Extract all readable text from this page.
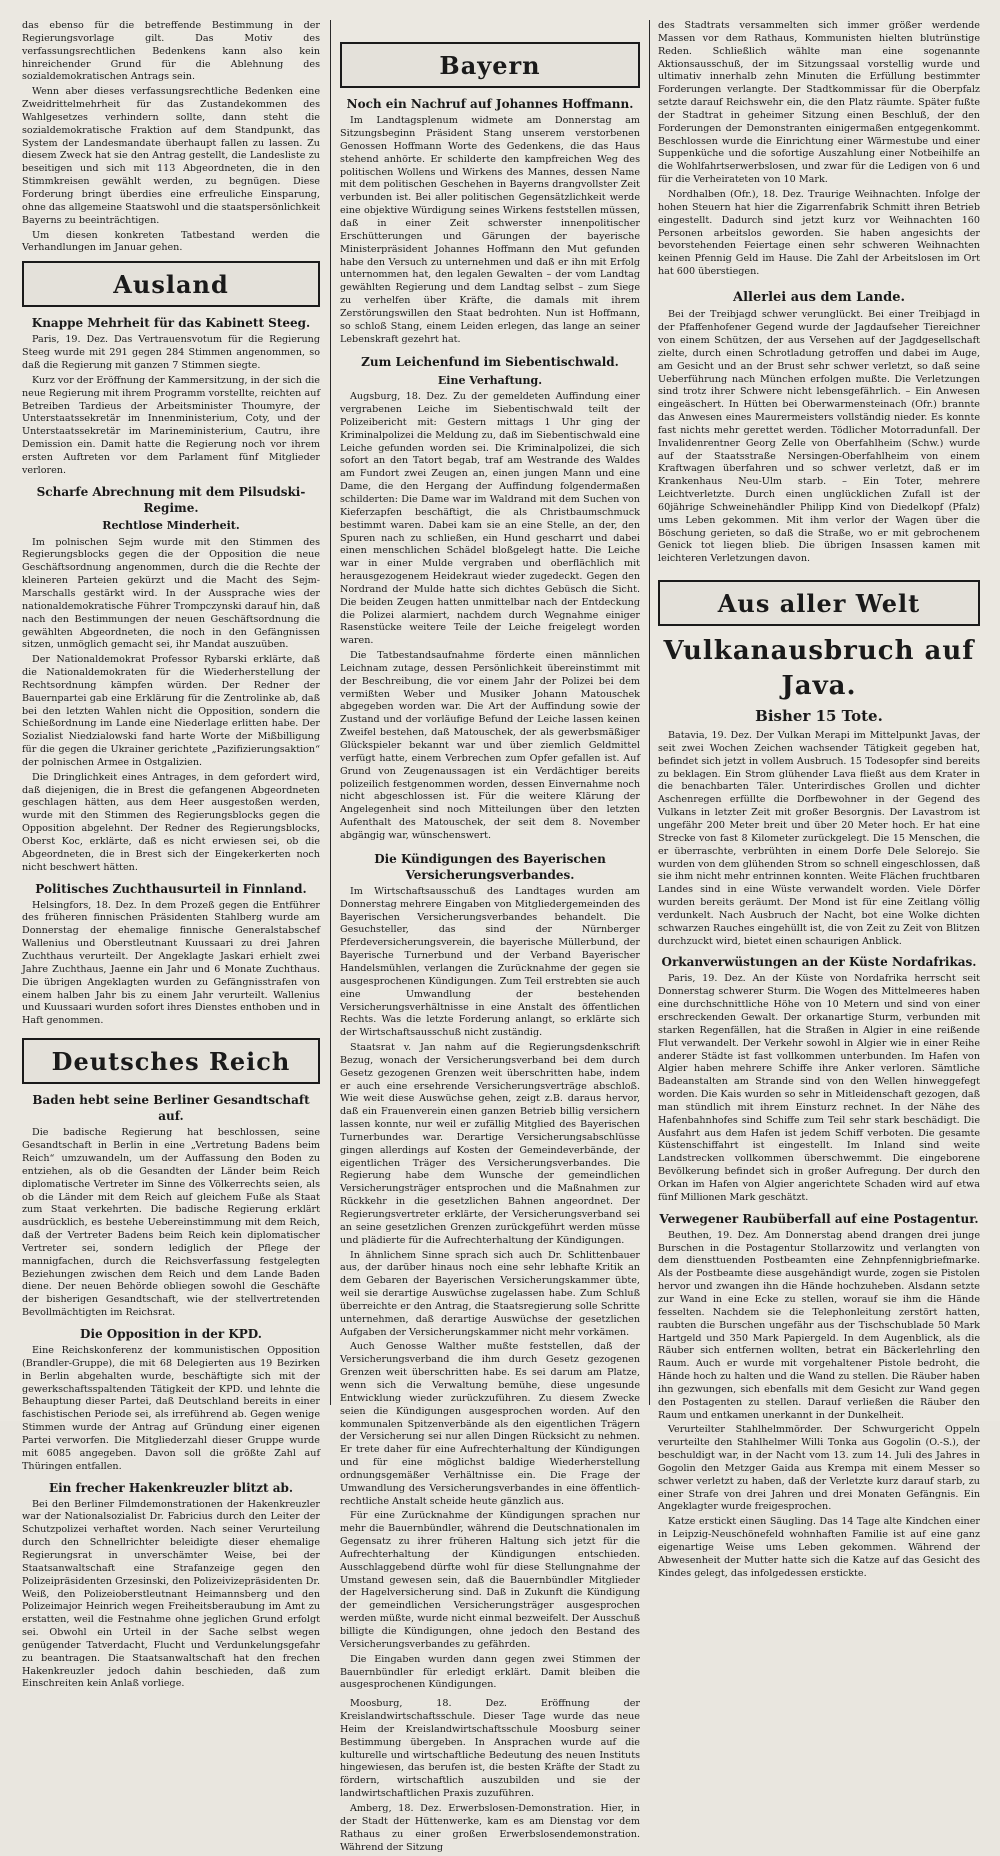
das ebenso für die betreffende Bestimmung in der Regierungsvorlage gilt. Das Motiv des verfassungsrechtlichen Bedenkens kann also kein hinreichender Grund für die Ablehnung des sozialdemokratischen Antrags sein.

Wenn aber dieses verfassungsrechtliche Bedenken eine Zweidrittelmehrheit für das Zustandekommen des Wahlgesetzes verhindern sollte, dann steht die sozialdemokratische Fraktion auf dem Standpunkt, das System der Landesmandate überhaupt fallen zu lassen. Zu diesem Zweck hat sie den Antrag gestellt, die Landesliste zu beseitigen und sich mit 113 Abgeordneten, die in den Stimmkreisen gewählt werden, zu begnügen. Diese Forderung bringt überdies eine erfreuliche Einsparung, ohne das allgemeine Staatswohl und die staatspersönlichkeit Bayerns zu beeinträchtigen.

Um diesen konkreten Tatbestand werden die Verhandlungen im Januar gehen.

Ausland
Knappe Mehrheit für das Kabinett Steeg.

Paris, 19. Dez. Das Vertrauensvotum für die Regierung Steeg wurde mit 291 gegen 284 Stimmen angenommen, so daß die Regierung mit ganzen 7 Stimmen siegte.

Kurz vor der Eröffnung der Kammersitzung, in der sich die neue Regierung mit ihrem Programm vorstellte, reichten auf Betreiben Tardieus der Arbeitsminister Thoumyre, der Unterstaatssekretär im Innenministerium, Coty, und der Unterstaatssekretär im Marineministerium, Cautru, ihre Demission ein. Damit hatte die Regierung noch vor ihrem ersten Auftreten vor dem Parlament fünf Mitglieder verloren.

Scharfe Abrechnung mit dem Pilsudski-Regime.
Rechtlose Minderheit.

Im polnischen Sejm wurde mit den Stimmen des Regierungsblocks gegen die der Opposition die neue Geschäftsordnung angenommen, durch die die Rechte der kleineren Parteien gekürzt und die Macht des Sejm-Marschalls gestärkt wird. In der Aussprache wies der nationaldemokratische Führer Trompczynski darauf hin, daß nach den Bestimmungen der neuen Geschäftsordnung die gewählten Abgeordneten, die noch in den Gefängnissen sitzen, unmöglich gemacht sei, ihr Mandat auszuüben.

Der Nationaldemokrat Professor Rybarski erklärte, daß die Nationaldemokraten für die Wiederherstellung der Rechtsordnung kämpfen würden. Der Redner der Bauernpartei gab eine Erklärung für die Zentrolinke ab, daß bei den letzten Wahlen nicht die Opposition, sondern die Schießordnung im Lande eine Niederlage erlitten habe. Der Sozialist Niedzialowski fand harte Worte der Mißbilligung für die gegen die Ukrainer gerichtete „Pazifizierungsaktion“ der polnischen Armee in Ostgalizien.

Die Dringlichkeit eines Antrages, in dem gefordert wird, daß diejenigen, die in Brest die gefangenen Abgeordneten geschlagen hätten, aus dem Heer ausgestoßen werden, wurde mit den Stimmen des Regierungsblocks gegen die Opposition abgelehnt. Der Redner des Regierungsblocks, Oberst Koc, erklärte, daß es nicht erwiesen sei, ob die Abgeordneten, die in Brest sich der Eingekerkerten noch nicht beschwert hätten.

Politisches Zuchthausurteil in Finnland.

Helsingfors, 18. Dez. In dem Prozeß gegen die Entführer des früheren finnischen Präsidenten Stahlberg wurde am Donnerstag der ehemalige finnische Generalstabschef Wallenius und Oberstleutnant Kuussaari zu drei Jahren Zuchthaus verurteilt. Der Angeklagte Jaskari erhielt zwei Jahre Zuchthaus, Jaenne ein Jahr und 6 Monate Zuchthaus. Die übrigen Angeklagten wurden zu Gefängnisstrafen von einem halben Jahr bis zu einem Jahr verurteilt. Wallenius und Kuussaari wurden sofort ihres Dienstes enthoben und in Haft genommen.

Deutsches Reich
Baden hebt seine Berliner Gesandtschaft auf.

Die badische Regierung hat beschlossen, seine Gesandtschaft in Berlin in eine „Vertretung Badens beim Reich“ umzuwandeln, um der Auffassung den Boden zu entziehen, als ob die Gesandten der Länder beim Reich diplomatische Vertreter im Sinne des Völkerrechts seien, als ob die Länder mit dem Reich auf gleichem Fuße als Staat zum Staat verkehrten. Die badische Regierung erklärt ausdrücklich, es bestehe Uebereinstimmung mit dem Reich, daß der Vertreter Badens beim Reich kein diplomatischer Vertreter sei, sondern lediglich der Pflege der mannigfachen, durch die Reichsverfassung festgelegten Beziehungen zwischen dem Reich und dem Lande Baden diene. Der neuen Behörde obliegen sowohl die Geschäfte der bisherigen Gesandtschaft, wie der stellvertretenden Bevollmächtigten im Reichsrat.

Die Opposition in der KPD.

Eine Reichskonferenz der kommunistischen Opposition (Brandler-Gruppe), die mit 68 Delegierten aus 19 Bezirken in Berlin abgehalten wurde, beschäftigte sich mit der gewerkschaftsspaltenden Tätigkeit der KPD. und lehnte die Behauptung dieser Partei, daß Deutschland bereits in einer faschistischen Periode sei, als irreführend ab. Gegen wenige Stimmen wurde der Antrag auf Gründung einer eigenen Partei verworfen. Die Mitgliederzahl dieser Gruppe wurde mit 6085 angegeben. Davon soll die größte Zahl auf Thüringen entfallen.

Ein frecher Hakenkreuzler blitzt ab.

Bei den Berliner Filmdemonstrationen der Hakenkreuzler war der Nationalsozialist Dr. Fabricius durch den Leiter der Schutzpolizei verhaftet worden. Nach seiner Verurteilung durch den Schnellrichter beleidigte dieser ehemalige Regierungsrat in unverschämter Weise, bei der Staatsanwaltschaft eine Strafanzeige gegen den Polizeipräsidenten Grzesinski, den Polizeivizepräsidenten Dr. Weiß, den Polizeioberstleutnant Heimannsberg und den Polizeimajor Heinrich wegen Freiheitsberaubung im Amt zu erstatten, weil die Festnahme ohne jeglichen Grund erfolgt sei. Obwohl ein Urteil in der Sache selbst wegen genügender Tatverdacht, Flucht und Verdunkelungsgefahr zu beantragen. Die Staatsanwaltschaft hat den frechen Hakenkreuzler jedoch dahin beschieden, daß zum Einschreiten kein Anlaß vorliege.

Bayern
Noch ein Nachruf auf Johannes Hoffmann.

Im Landtagsplenum widmete am Donnerstag am Sitzungsbeginn Präsident Stang unserem verstorbenen Genossen Hoffmann Worte des Gedenkens, die das Haus stehend anhörte. Er schilderte den kampfreichen Weg des politischen Wollens und Wirkens des Mannes, dessen Name mit dem politischen Geschehen in Bayerns drangvollster Zeit verbunden ist. Bei aller politischen Gegensätzlichkeit werde eine objektive Würdigung seines Wirkens feststellen müssen, daß in einer Zeit schwerster innenpolitischer Erschütterungen und Gärungen der bayerische Ministerpräsident Johannes Hoffmann den Mut gefunden habe den Versuch zu unternehmen und daß er ihn mit Erfolg unternommen hat, den legalen Gewalten – der vom Landtag gewählten Regierung und dem Landtag selbst – zum Siege zu verhelfen über Kräfte, die damals mit ihrem Zerstörungswillen den Staat bedrohten. Nun ist Hoffmann, so schloß Stang, einem Leiden erlegen, das lange an seiner Lebenskraft gezehrt hat.

Zum Leichenfund im Siebentischwald.
Eine Verhaftung.

Augsburg, 18. Dez. Zu der gemeldeten Auffindung einer vergrabenen Leiche im Siebentischwald teilt der Polizeibericht mit: Gestern mittags 1 Uhr ging der Kriminalpolizei die Meldung zu, daß im Siebentischwald eine Leiche gefunden worden sei. Die Kriminalpolizei, die sich sofort an den Tatort begab, traf am Westrande des Waldes am Fundort zwei Zeugen an, einen jungen Mann und eine Dame, die den Hergang der Auffindung folgendermaßen schilderten: Die Dame war im Waldrand mit dem Suchen von Kieferzapfen beschäftigt, die als Christbaumschmuck bestimmt waren. Dabei kam sie an eine Stelle, an der, den Spuren nach zu schließen, ein Hund gescharrt und dabei einen menschlichen Schädel bloßgelegt hatte. Die Leiche war in einer Mulde vergraben und oberflächlich mit herausgezogenem Heidekraut wieder zugedeckt. Gegen den Nordrand der Mulde hatte sich dichtes Gebüsch die Sicht. Die beiden Zeugen hatten unmittelbar nach der Entdeckung die Polizei alarmiert, nachdem durch Wegnahme einiger Rasenstücke weitere Teile der Leiche freigelegt worden waren.

Die Tatbestandsaufnahme förderte einen männlichen Leichnam zutage, dessen Persönlichkeit übereinstimmt mit der Beschreibung, die vor einem Jahr der Polizei bei dem vermißten Weber und Musiker Johann Matouschek abgegeben worden war. Die Art der Auffindung sowie der Zustand und der vorläufige Befund der Leiche lassen keinen Zweifel bestehen, daß Matouschek, der als gewerbsmäßiger Glückspieler bekannt war und über ziemlich Geldmittel verfügt hatte, einem Verbrechen zum Opfer gefallen ist. Auf Grund von Zeugenaussagen ist ein Verdächtiger bereits polizeilich festgenommen worden, dessen Einvernahme noch nicht abgeschlossen ist. Für die weitere Klärung der Angelegenheit sind noch Mitteilungen über den letzten Aufenthalt des Matouschek, der seit dem 8. November abgängig war, wünschenswert.

Die Kündigungen des Bayerischen Versicherungsverbandes.

Im Wirtschaftsausschuß des Landtages wurden am Donnerstag mehrere Eingaben von Mitgliedergemeinden des Bayerischen Versicherungsverbandes behandelt. Die Gesuchsteller, das sind der Nürnberger Pferdeversicherungsverein, die bayerische Müllerbund, der Bayerische Turnerbund und der Verband Bayerischer Handelsmühlen, verlangen die Zurücknahme der gegen sie ausgesprochenen Kündigungen. Zum Teil erstrebten sie auch eine Umwandlung der bestehenden Versicherungsverhältnisse in eine Anstalt des öffentlichen Rechts. Was die letzte Forderung anlangt, so erklärte sich der Wirtschaftsausschuß nicht zuständig.

Staatsrat v. Jan nahm auf die Regierungsdenkschrift Bezug, wonach der Versicherungsverband bei dem durch Gesetz gezogenen Grenzen weit überschritten habe, indem er auch eine ersehrende Versicherungsverträge abschloß. Wie weit diese Auswüchse gehen, zeigt z.B. daraus hervor, daß ein Frauenverein einen ganzen Betrieb billig versichern lassen konnte, nur weil er zufällig Mitglied des Bayerischen Turnerbundes war. Derartige Versicherungsabschlüsse gingen allerdings auf Kosten der Gemeindeverbände, der eigentlichen Träger des Versicherungsverbandes. Die Regierung habe dem Wunsche der gemeindlichen Versicherungsträger entsprochen und die Maßnahmen zur Rückkehr in die gesetzlichen Bahnen angeordnet. Der Regierungsvertreter erklärte, der Versicherungsverband sei an seine gesetzlichen Grenzen zurückgeführt werden müsse und plädierte für die Aufrechterhaltung der Kündigungen.

In ähnlichem Sinne sprach sich auch Dr. Schlittenbauer aus, der darüber hinaus noch eine sehr lebhafte Kritik an dem Gebaren der Bayerischen Versicherungskammer übte, weil sie derartige Auswüchse zugelassen habe. Zum Schluß überreichte er den Antrag, die Staatsregierung solle Schritte unternehmen, daß derartige Auswüchse der gesetzlichen Aufgaben der Versicherungskammer nicht mehr vorkämen.

Auch Genosse Walther mußte feststellen, daß der Versicherungsverband die ihm durch Gesetz gezogenen Grenzen weit überschritten habe. Es sei darum am Platze, wenn sich die Verwaltung bemühe, diese ungesunde Entwicklung wieder zurückzuführen. Zu diesem Zwecke seien die Kündigungen ausgesprochen worden. Auf den kommunalen Spitzenverbände als den eigentlichen Trägern der Versicherung sei nur allen Dingen Rücksicht zu nehmen. Er trete daher für eine Aufrechterhaltung der Kündigungen und für eine möglichst baldige Wiederherstellung ordnungsgemäßer Verhältnisse ein. Die Frage der Umwandlung des Versicherungsverbandes in eine öffentlich-rechtliche Anstalt scheide heute gänzlich aus.

Für eine Zurücknahme der Kündigungen sprachen nur mehr die Bauernbündler, während die Deutschnationalen im Gegensatz zu ihrer früheren Haltung sich jetzt für die Aufrechterhaltung der Kündigungen entschieden. Ausschlaggebend dürfte wohl für diese Stellungnahme der Umstand gewesen sein, daß die Bauernbündler Mitglieder der Hagelversicherung sind. Daß in Zukunft die Kündigung der gemeindlichen Versicherungsträger ausgesprochen werden müßte, wurde nicht einmal bezweifelt. Der Ausschuß billigte die Kündigungen, ohne jedoch den Bestand des Versicherungsverbandes zu gefährden.

Die Eingaben wurden dann gegen zwei Stimmen der Bauernbündler für erledigt erklärt. Damit bleiben die ausgesprochenen Kündigungen.

Moosburg, 18. Dez. Eröffnung der Kreislandwirtschaftsschule. Dieser Tage wurde das neue Heim der Kreislandwirtschaftsschule Moosburg seiner Bestimmung übergeben. In Ansprachen wurde auf die kulturelle und wirtschaftliche Bedeutung des neuen Instituts hingewiesen, das berufen ist, die besten Kräfte der Stadt zu fördern, wirtschaftlich auszubilden und sie der landwirtschaftlichen Praxis zuzuführen.

Amberg, 18. Dez. Erwerbslosen-Demonstration. Hier, in der Stadt der Hüttenwerke, kam es am Dienstag vor dem Rathaus zu einer großen Erwerbslosendemonstration. Während der Sitzung

des Stadtrats versammelten sich immer größer werdende Massen vor dem Rathaus, Kommunisten hielten blutrünstige Reden. Schließlich wählte man eine sogenannte Aktionsausschuß, der im Sitzungssaal vorstellig wurde und ultimativ innerhalb zehn Minuten die Erfüllung bestimmter Forderungen verlangte. Der Stadtkommissar für die Oberpfalz setzte darauf Reichswehr ein, die den Platz räumte. Später fußte der Stadtrat in geheimer Sitzung einen Beschluß, der den Forderungen der Demonstranten einigermaßen entgegenkommt. Beschlossen wurde die Einrichtung einer Wärmestube und einer Suppenküche und die sofortige Auszahlung einer Notbeihilfe an die Wohlfahrtserwerbslosen, und zwar für die Ledigen von 6 und für die Verheirateten von 10 Mark.

Nordhalben (Ofr.), 18. Dez. Traurige Weihnachten. Infolge der hohen Steuern hat hier die Zigarrenfabrik Schmitt ihren Betrieb eingestellt. Dadurch sind jetzt kurz vor Weihnachten 160 Personen arbeitslos geworden. Sie haben angesichts der bevorstehenden Feiertage einen sehr schweren Weihnachten keinen Pfennig Geld im Hause. Die Zahl der Arbeitslosen im Ort hat 600 überstiegen.

Allerlei aus dem Lande.

Bei der Treibjagd schwer verunglückt. Bei einer Treibjagd in der Pfaffenhofener Gegend wurde der Jagdaufseher Tiereichner von einem Schützen, der aus Versehen auf der Jagdgesellschaft zielte, durch einen Schrotladung getroffen und dabei im Auge, am Gesicht und an der Brust sehr schwer verletzt, so daß seine Ueberführung nach München erfolgen mußte. Die Verletzungen sind trotz ihrer Schwere nicht lebensgefährlich. – Ein Anwesen eingeäschert. In Hütten bei Oberwarmensteinach (Ofr.) brannte das Anwesen eines Maurermeisters vollständig nieder. Es konnte fast nichts mehr gerettet werden. Tödlicher Motorradunfall. Der Invalidenrentner Georg Zelle von Oberfahlheim (Schw.) wurde auf der Staatsstraße Nersingen-Oberfahlheim von einem Kraftwagen überfahren und so schwer verletzt, daß er im Krankenhaus Neu-Ulm starb. – Ein Toter, mehrere Leichtverletzte. Durch einen unglücklichen Zufall ist der 60jährige Schweinehändler Philipp Kind von Diedelkopf (Pfalz) ums Leben gekommen. Mit ihm verlor der Wagen über die Böschung gerieten, so daß die Straße, wo er mit gebrochenem Genick tot liegen blieb. Die übrigen Insassen kamen mit leichteren Verletzungen davon.

Aus aller Welt
Vulkanausbruch auf Java.
Bisher 15 Tote.

Batavia, 19. Dez. Der Vulkan Merapi im Mittelpunkt Javas, der seit zwei Wochen Zeichen wachsender Tätigkeit gegeben hat, befindet sich jetzt in vollem Ausbruch. 15 Todesopfer sind bereits zu beklagen. Ein Strom glühender Lava fließt aus dem Krater in die benachbarten Täler. Unterirdisches Grollen und dichter Aschenregen erfüllte die Dorfbewohner in der Gegend des Vulkans in letzter Zeit mit großer Besorgnis. Der Lavastrom ist ungefähr 200 Meter breit und über 20 Meter hoch. Er hat eine Strecke von fast 8 Kilometer zurückgelegt. Die 15 Menschen, die er überraschte, verbrühten in einem Dorfe Dele Selorejo. Sie wurden von dem glühenden Strom so schnell eingeschlossen, daß sie ihm nicht mehr entrinnen konnten. Weite Flächen fruchtbaren Landes sind in eine Wüste verwandelt worden. Viele Dörfer wurden bereits geräumt. Der Mond ist für eine Zeitlang völlig verdunkelt. Nach Ausbruch der Nacht, bot eine Wolke dichten schwarzen Rauches eingehüllt ist, die von Zeit zu Zeit von Blitzen durchzuckt wird, bietet einen schaurigen Anblick.

Orkanverwüstungen an der Küste Nordafrikas.

Paris, 19. Dez. An der Küste von Nordafrika herrscht seit Donnerstag schwerer Sturm. Die Wogen des Mittelmeeres haben eine durchschnittliche Höhe von 10 Metern und sind von einer erschreckenden Gewalt. Der orkanartige Sturm, verbunden mit starken Regenfällen, hat die Straßen in Algier in eine reißende Flut verwandelt. Der Verkehr sowohl in Algier wie in einer Reihe anderer Städte ist fast vollkommen unterbunden. Im Hafen von Algier haben mehrere Schiffe ihre Anker verloren. Sämtliche Badeanstalten am Strande sind von den Wellen hinweggefegt worden. Die Kais wurden so sehr in Mitleidenschaft gezogen, daß man stündlich mit ihrem Einsturz rechnet. In der Nähe des Hafenbahnhofes sind Schiffe zum Teil sehr stark beschädigt. Die Ausfahrt aus dem Hafen ist jedem Schiff verboten. Die gesamte Küstenschiffahrt ist eingestellt. Im Inland sind weite Landstrecken vollkommen überschwemmt. Die eingeborene Bevölkerung befindet sich in großer Aufregung. Der durch den Orkan im Hafen von Algier angerichtete Schaden wird auf etwa fünf Millionen Mark geschätzt.

Verwegener Raubüberfall auf eine Postagentur.

Beuthen, 19. Dez. Am Donnerstag abend drangen drei junge Burschen in die Postagentur Stollarzowitz und verlangten von dem diensttuenden Postbeamten eine Zehnpfennigbriefmarke. Als der Postbeamte diese ausgehändigt wurde, zogen sie Pistolen hervor und zwangen ihn die Hände hochzuheben. Alsdann setzte zur Wand in eine Ecke zu stellen, worauf sie ihm die Hände fesselten. Nachdem sie die Telephonleitung zerstört hatten, raubten die Burschen ungefähr aus der Tischschublade 50 Mark Hartgeld und 350 Mark Papiergeld. In dem Augenblick, als die Räuber sich entfernen wollten, betrat ein Bäckerlehrling den Raum. Auch er wurde mit vorgehaltener Pistole bedroht, die Hände hoch zu halten und die Wand zu stellen. Die Räuber haben ihn gezwungen, sich ebenfalls mit dem Gesicht zur Wand gegen den Postagenten zu stellen. Darauf verließen die Räuber den Raum und entkamen unerkannt in der Dunkelheit.

Verurteilter Stahlhelmmörder. Der Schwurgericht Oppeln verurteilte den Stahlhelmer Willi Tonka aus Gogolin (O.-S.), der beschuldigt war, in der Nacht vom 13. zum 14. Juli des Jahres in Gogolin den Metzger Gaida aus Krempa mit einem Messer so schwer verletzt zu haben, daß der Verletzte kurz darauf starb, zu einer Strafe von drei Jahren und drei Monaten Gefängnis. Ein Angeklagter wurde freigesprochen.

Katze erstickt einen Säugling. Das 14 Tage alte Kindchen einer in Leipzig-Neuschönefeld wohnhaften Familie ist auf eine ganz eigenartige Weise ums Leben gekommen. Während der Abwesenheit der Mutter hatte sich die Katze auf das Gesicht des Kindes gelegt, das infolgedessen erstickte.
